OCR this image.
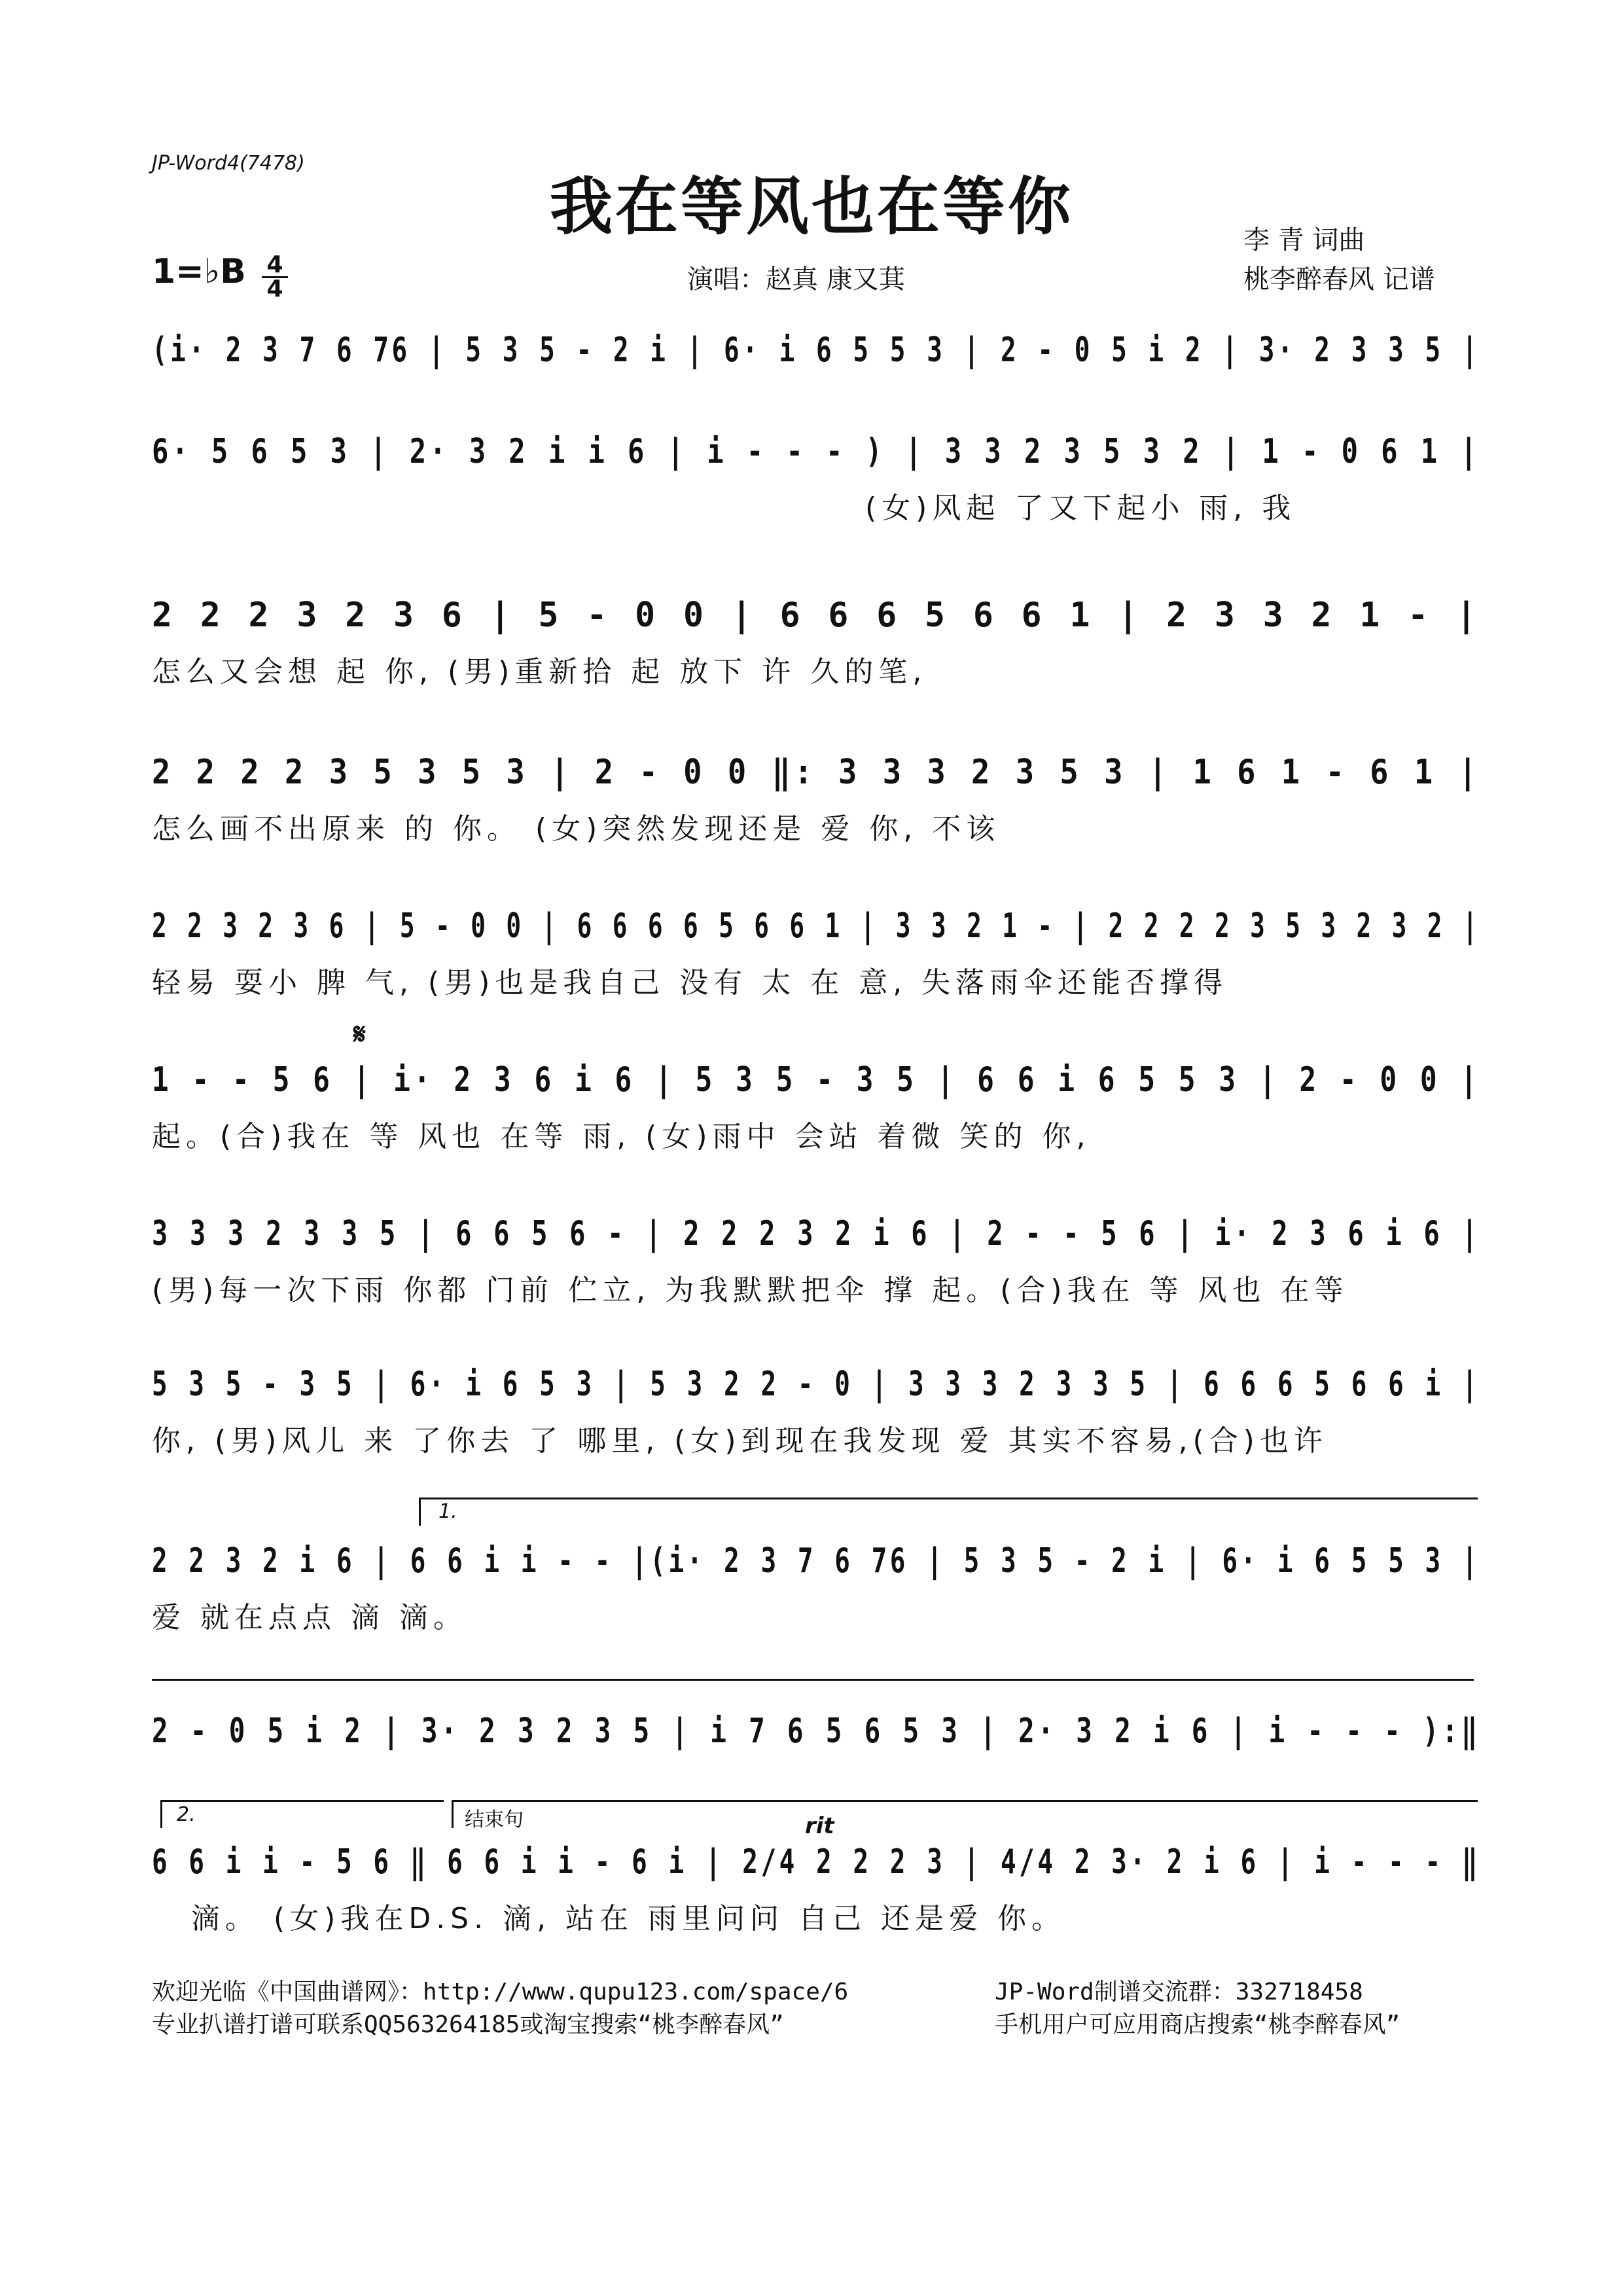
JP-Word4(7478)
我在等风也在等你
1=♭B 4
4	演唱：赵真 康又萁
李 青 词曲
桃李醉春风 记谱
(i· 2 3 7 6 76 | 5 3 5 - 2 i | 6· i 6 5 5 3 | 2 - 0 5 i 2 | 3· 2 3 3 5 |
6· 5 6 5 3 | 2· 3 2 i i 6 | i - - - ) | 3 3 2 3 5 3 2 | 1 - 0 6 1 |
(女)风起 了又下起小 雨, 我
2 2 2 3 2 3 6 | 5 - 0 0 | 6 6 6 5 6 6 1 | 2 3 3 2 1 - |
怎么又会想 起 你, (男)重新拾 起 放下 许 久的笔,
2 2 2 2 3 5 3 5 3 | 2 - 0 0 ‖: 3 3 3 2 3 5 3 | 1 6 1 - 6 1 |
怎么画不出原来 的 你。 (女)突然发现还是 爱 你, 不该
2 2 3 2 3 6 | 5 - 0 0 | 6 6 6 6 5 6 6 1 | 3 3 2 1 - | 2 2 2 2 3 5 3 2 3 2 |
轻易 耍小 脾 气, (男)也是我自己 没有 太 在 意, 失落雨伞还能否撑得
𝄋
1 - - 5 6 | i· 2 3 6 i 6 | 5 3 5 - 3 5 | 6 6 i 6 5 5 3 | 2 - 0 0 |
起。(合)我在 等 风也 在等 雨, (女)雨中 会站 着微 笑的 你,
3 3 3 2 3 3 5 | 6 6 5 6 - | 2 2 2 3 2 i 6 | 2 - - 5 6 | i· 2 3 6 i 6 |
(男)每一次下雨 你都 门前 伫立, 为我默默把伞 撑 起。(合)我在 等 风也 在等
5 3 5 - 3 5 | 6· i 6 5 3 | 5 3 2 2 - 0 | 3 3 3 2 3 3 5 | 6 6 6 5 6 6 i |
你, (男)风儿 来 了你去 了 哪里, (女)到现在我发现 爱 其实不容易,(合)也许
1.
2 2 3 2 i 6 | 6 6 i i - - |(i· 2 3 7 6 76 | 5 3 5 - 2 i | 6· i 6 5 5 3 |
爱 就在点点 滴 滴。
2 - 0 5 i 2 | 3· 2 3 2 3 5 | i 7 6 5 6 5 3 | 2· 3 2 i 6 | i - - - ):‖
2.	结束句	rit
6 6 i i - 5 6 ‖ 6 6 i i - 6 i | 2/4 2 2 2 3 | 4/4 2 3· 2 i 6 | i - - - ‖
滴。 (女)我在D.S. 滴, 站在 雨里问问 自己 还是爱 你。
欢迎光临《中国曲谱网》：http://www.qupu123.com/space/6
专业扒谱打谱可联系QQ563264185或淘宝搜索“桃李醉春风”
JP-Word制谱交流群：332718458
手机用户可应用商店搜索“桃李醉春风”
